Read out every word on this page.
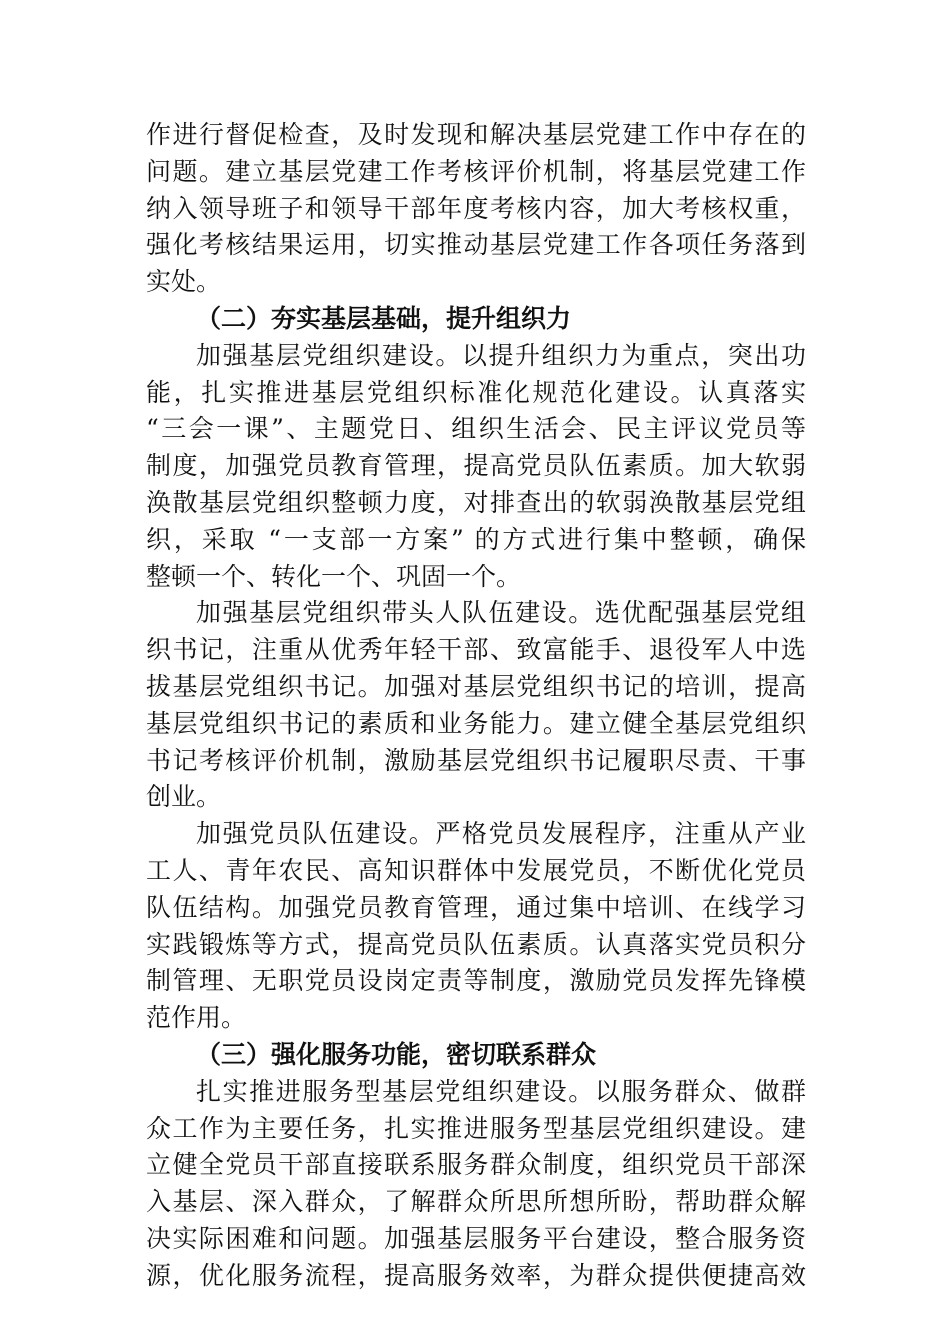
作进行督促检查，及时发现和解决基层党建工作中存在的
问题。建立基层党建工作考核评价机制，将基层党建工作
纳入领导班子和领导干部年度考核内容，加大考核权重，
强化考核结果运用，切实推动基层党建工作各项任务落到
实处。
（二）夯实基层基础，提升组织力
加强基层党组织建设。以提升组织力为重点，突出功
能，扎实推进基层党组织标准化规范化建设。认真落实
“三会一课”、主题党日、组织生活会、民主评议党员等
制度，加强党员教育管理，提高党员队伍素质。加大软弱
涣散基层党组织整顿力度，对排查出的软弱涣散基层党组
织，采取 “一支部一方案” 的方式进行集中整顿，确保
整顿一个、转化一个、巩固一个。
加强基层党组织带头人队伍建设。选优配强基层党组
织书记，注重从优秀年轻干部、致富能手、退役军人中选
拔基层党组织书记。加强对基层党组织书记的培训，提高
基层党组织书记的素质和业务能力。建立健全基层党组织
书记考核评价机制，激励基层党组织书记履职尽责、干事
创业。
加强党员队伍建设。严格党员发展程序，注重从产业
工人、青年农民、高知识群体中发展党员，不断优化党员
队伍结构。加强党员教育管理，通过集中培训、在线学习
实践锻炼等方式，提高党员队伍素质。认真落实党员积分
制管理、无职党员设岗定责等制度，激励党员发挥先锋模
范作用。
（三）强化服务功能，密切联系群众
扎实推进服务型基层党组织建设。以服务群众、做群
众工作为主要任务，扎实推进服务型基层党组织建设。建
立健全党员干部直接联系服务群众制度，组织党员干部深
入基层、深入群众，了解群众所思所想所盼，帮助群众解
决实际困难和问题。加强基层服务平台建设，整合服务资
源，优化服务流程，提高服务效率，为群众提供便捷高效
